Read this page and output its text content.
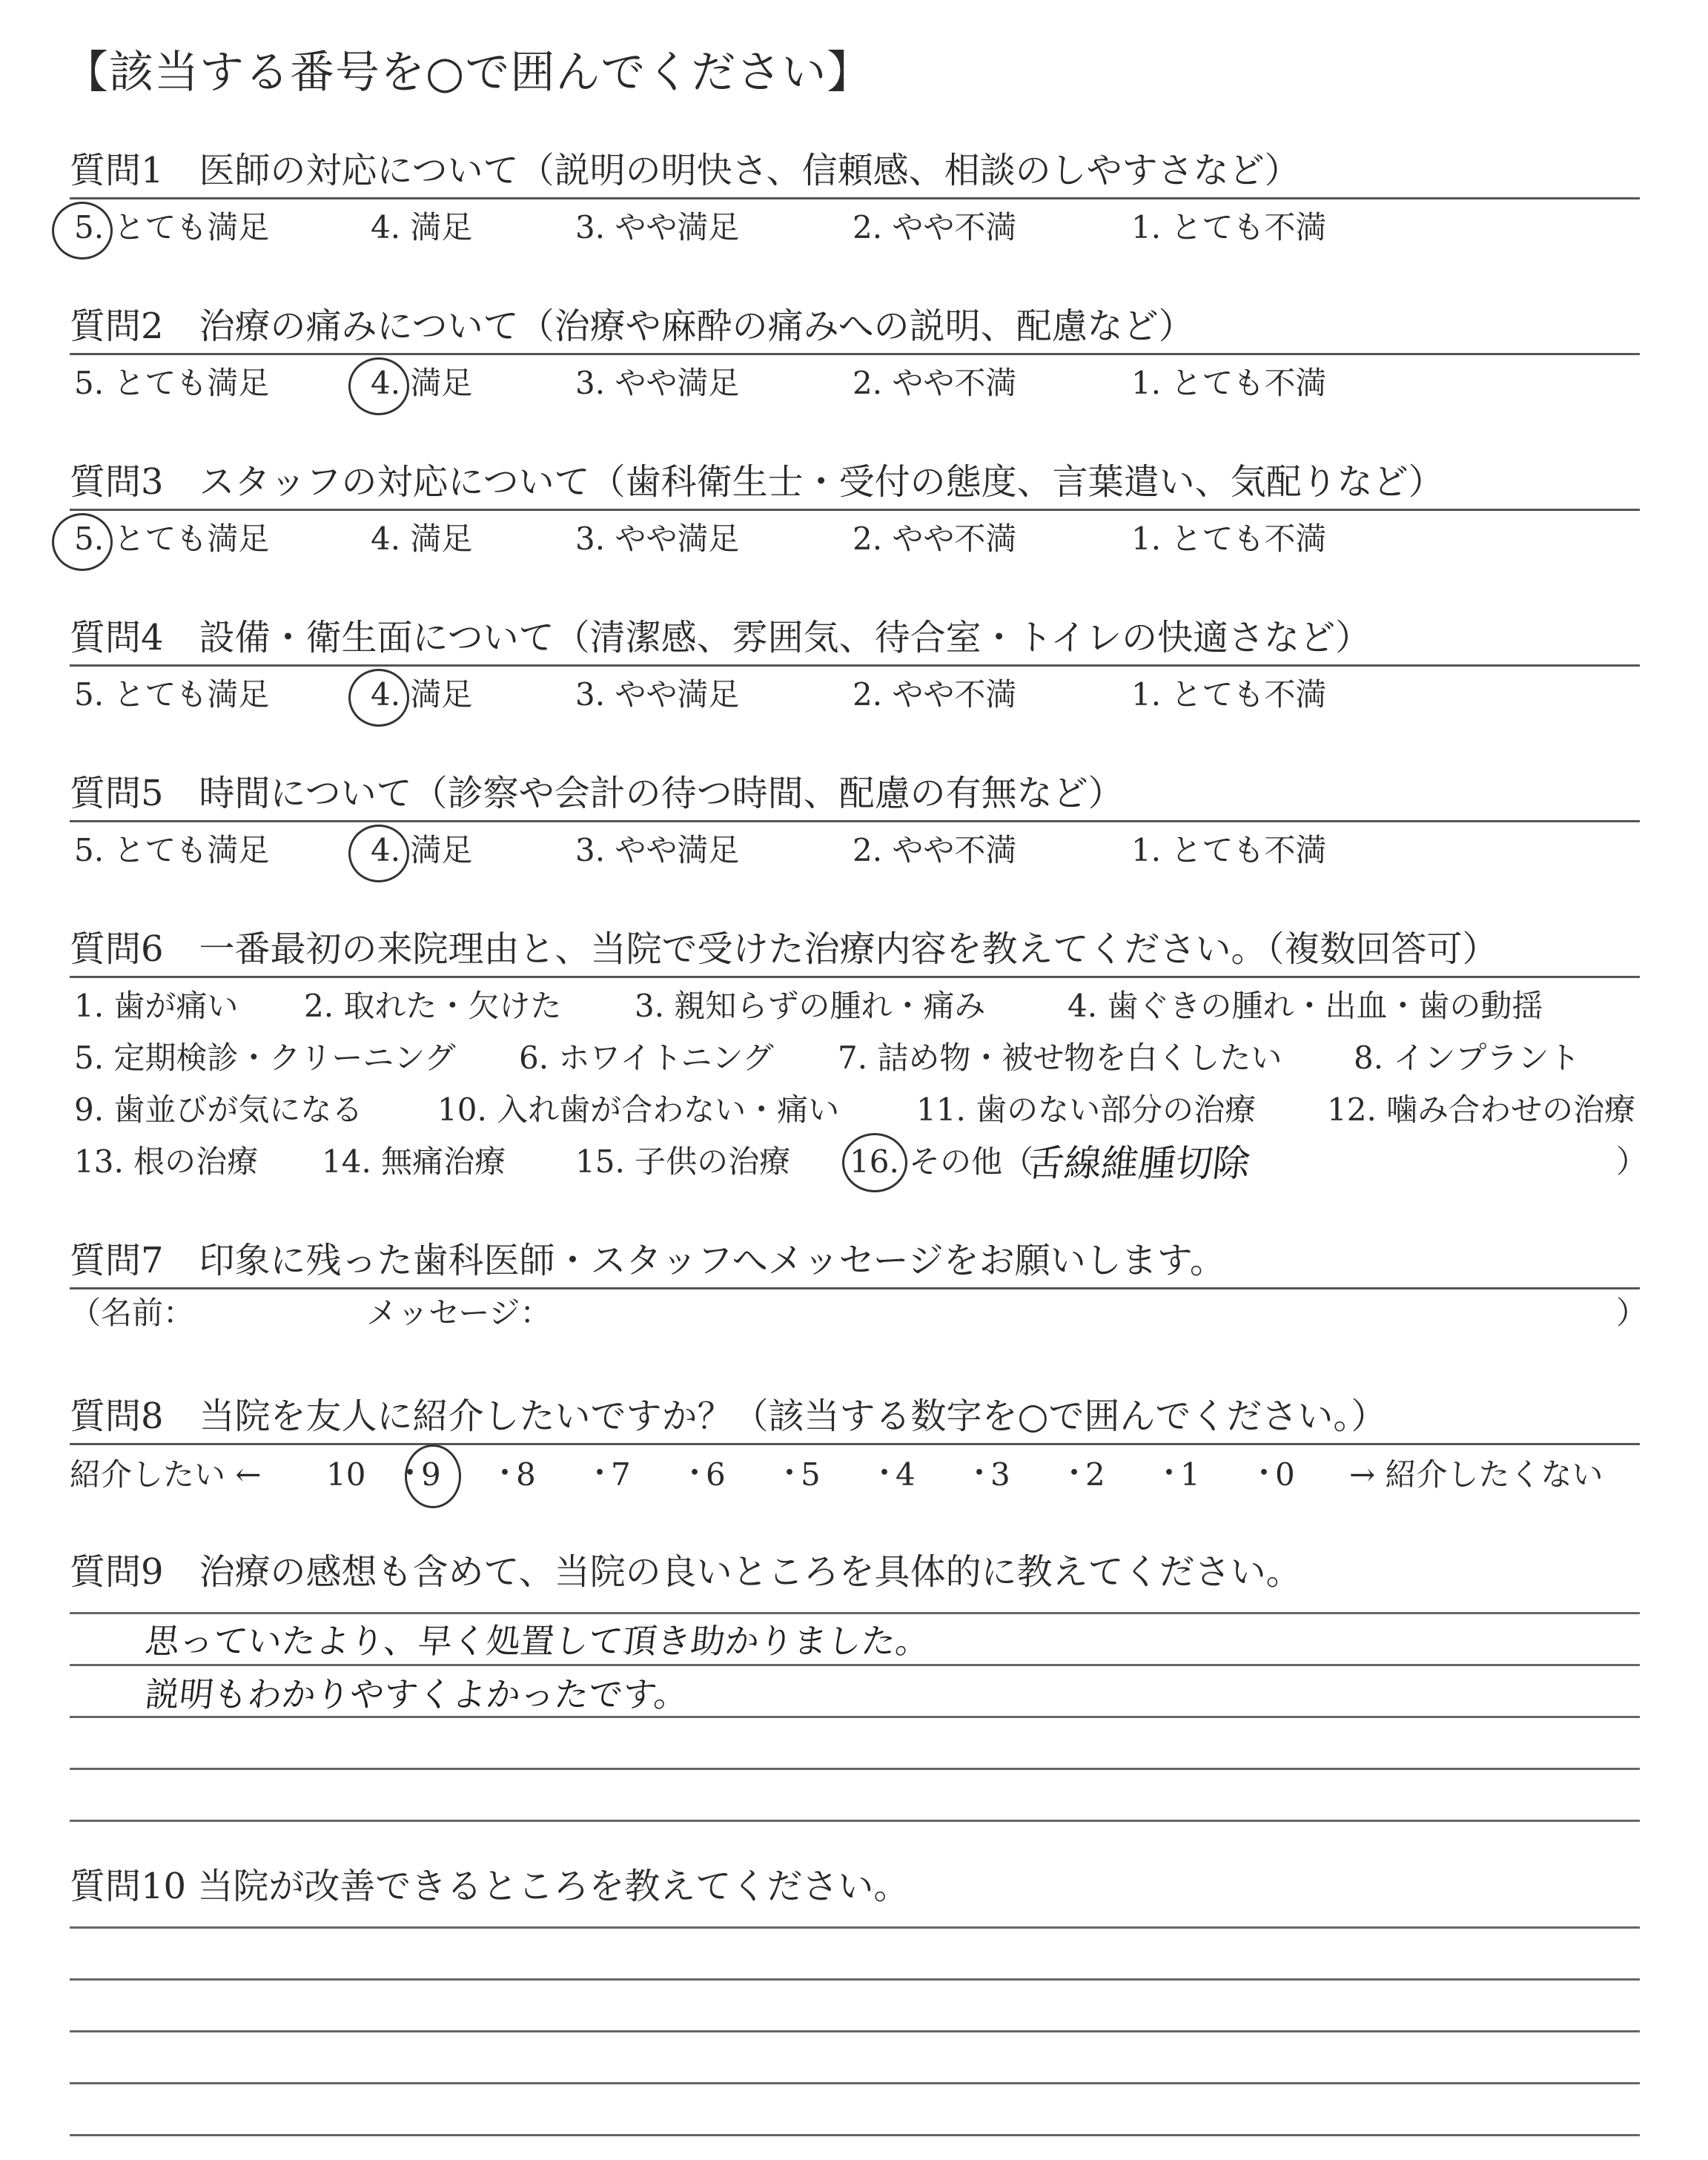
【該当する番号を○で囲んでください】
質問1　医師の対応について（説明の明快さ、信頼感、相談のしやすさなど）
5. とても満足	4. 満足	3. やや満足	2. やや不満	1. とても不満
質問2　治療の痛みについて（治療や麻酔の痛みへの説明、配慮など）
5. とても満足	4. 満足	3. やや満足	2. やや不満	1. とても不満
質問3　スタッフの対応について（歯科衛生士・受付の態度、言葉遣い、気配りなど）
5. とても満足	4. 満足	3. やや満足	2. やや不満	1. とても不満
質問4　設備・衛生面について（清潔感、雰囲気、待合室・トイレの快適さなど）
5. とても満足	4. 満足	3. やや満足	2. やや不満	1. とても不満
質問5　時間について（診察や会計の待つ時間、配慮の有無など）
5. とても満足	4. 満足	3. やや満足	2. やや不満	1. とても不満
質問6　一番最初の来院理由と、当院で受けた治療内容を教えてください。（複数回答可）
1. 歯が痛い 2. 取れた・欠けた 3. 親知らずの腫れ・痛み	4. 歯ぐきの腫れ・出血・歯の動揺
5. 定期検診・クリーニング 6. ホワイトニング 7. 詰め物・被せ物を白くしたい 8. インプラント
9. 歯並びが気になる 10. 入れ歯が合わない・痛い 11. 歯のない部分の治療 12. 噛み合わせの治療
13. 根の治療 14. 無痛治療 15. 子供の治療 16. その他（
舌線維腫切除	）
質問7　印象に残った歯科医師・スタッフへメッセージをお願いします。
（名前：	メッセージ：	）
質問8　当院を友人に紹介したいですか？（該当する数字を○で囲んでください。）
紹介したい ← 10 ・
9 ・
8 ・
7 ・
6 ・
5 ・
4 ・
3 ・
2 ・
1 ・
0 → 紹介したくない
質問9　治療の感想も含めて、当院の良いところを具体的に教えてください。
思っていたより、早く処置して頂き助かりました。
説明もわかりやすくよかったです。
質問10 当院が改善できるところを教えてください。
